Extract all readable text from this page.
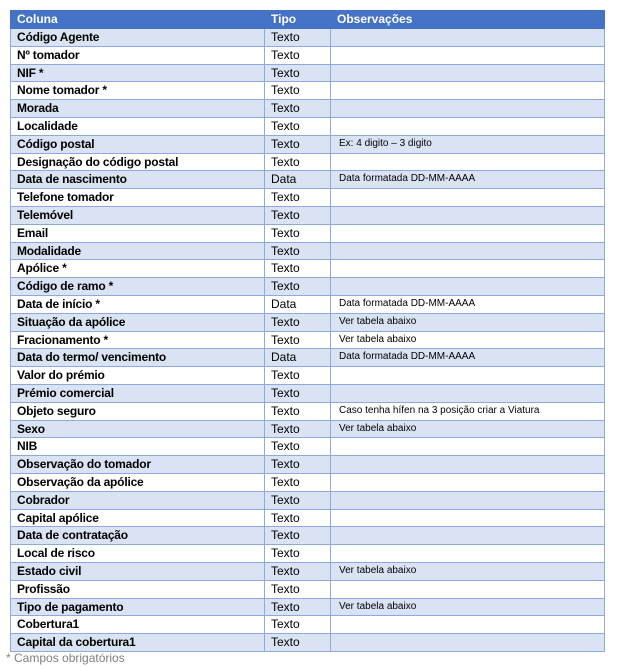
Coluna	Tipo	Observações
Código Agente	Texto	
Nº tomador	Texto	
NIF *	Texto	
Nome tomador *	Texto	
Morada	Texto	
Localidade	Texto	
Código postal	Texto	Ex: 4 digito – 3 digito
Designação do código postal	Texto	
Data de nascimento	Data	Data formatada DD-MM-AAAA
Telefone tomador	Texto	
Telemóvel	Texto	
Email	Texto	
Modalidade	Texto	
Apólice *	Texto	
Código de ramo *	Texto	
Data de início *	Data	Data formatada DD-MM-AAAA
Situação da apólice	Texto	Ver tabela abaixo
Fracionamento *	Texto	Ver tabela abaixo
Data do termo/ vencimento	Data	Data formatada DD-MM-AAAA
Valor do prémio	Texto	
Prémio comercial	Texto	
Objeto seguro	Texto	Caso tenha hífen na 3 posição criar a Viatura
Sexo	Texto	Ver tabela abaixo
NIB	Texto	
Observação do tomador	Texto	
Observação da apólice	Texto	
Cobrador	Texto	
Capital apólice	Texto	
Data de contratação	Texto	
Local de risco	Texto	
Estado civil	Texto	Ver tabela abaixo
Profissão	Texto	
Tipo de pagamento	Texto	Ver tabela abaixo
Cobertura1	Texto	
Capital da cobertura1	Texto	
* Campos obrigatórios
